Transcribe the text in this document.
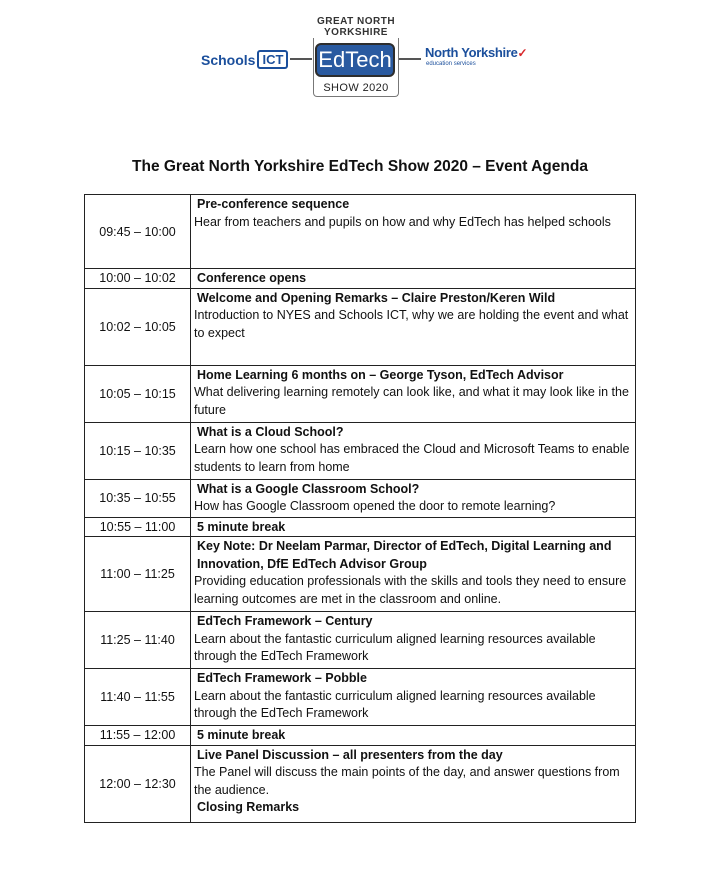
Schools ICT
GREAT NORTH
YORKSHIRE
EdTech
SHOW 2020
North Yorkshire✓
education services
The Great North Yorkshire EdTech Show 2020 – Event Agenda
09:45 – 10:00	Pre-conference sequence
Hear from teachers and pupils on how and why EdTech has helped schools

10:00 – 10:02	Conference opens

10:02 – 10:05	Welcome and Opening Remarks – Claire Preston/Keren Wild
Introduction to NYES and Schools ICT, why we are holding the event and what to expect

10:05 – 10:15	Home Learning 6 months on – George Tyson, EdTech Advisor
What delivering learning remotely can look like, and what it may look like in the future

10:15 – 10:35	What is a Cloud School?
Learn how one school has embraced the Cloud and Microsoft Teams to enable students to learn from home

10:35 – 10:55	What is a Google Classroom School?
How has Google Classroom opened the door to remote learning?

10:55 – 11:00	5 minute break

11:00 – 11:25	Key Note: Dr Neelam Parmar, Director of EdTech, Digital Learning and Innovation, DfE EdTech Advisor Group
Providing education professionals with the skills and tools they need to ensure learning outcomes are met in the classroom and online.

11:25 – 11:40	EdTech Framework – Century
Learn about the fantastic curriculum aligned learning resources available through the EdTech Framework

11:40 – 11:55	EdTech Framework – Pobble
Learn about the fantastic curriculum aligned learning resources available through the EdTech Framework

11:55 – 12:00	5 minute break

12:00 – 12:30	Live Panel Discussion – all presenters from the day
The Panel will discuss the main points of the day, and answer questions from the audience.
Closing Remarks
